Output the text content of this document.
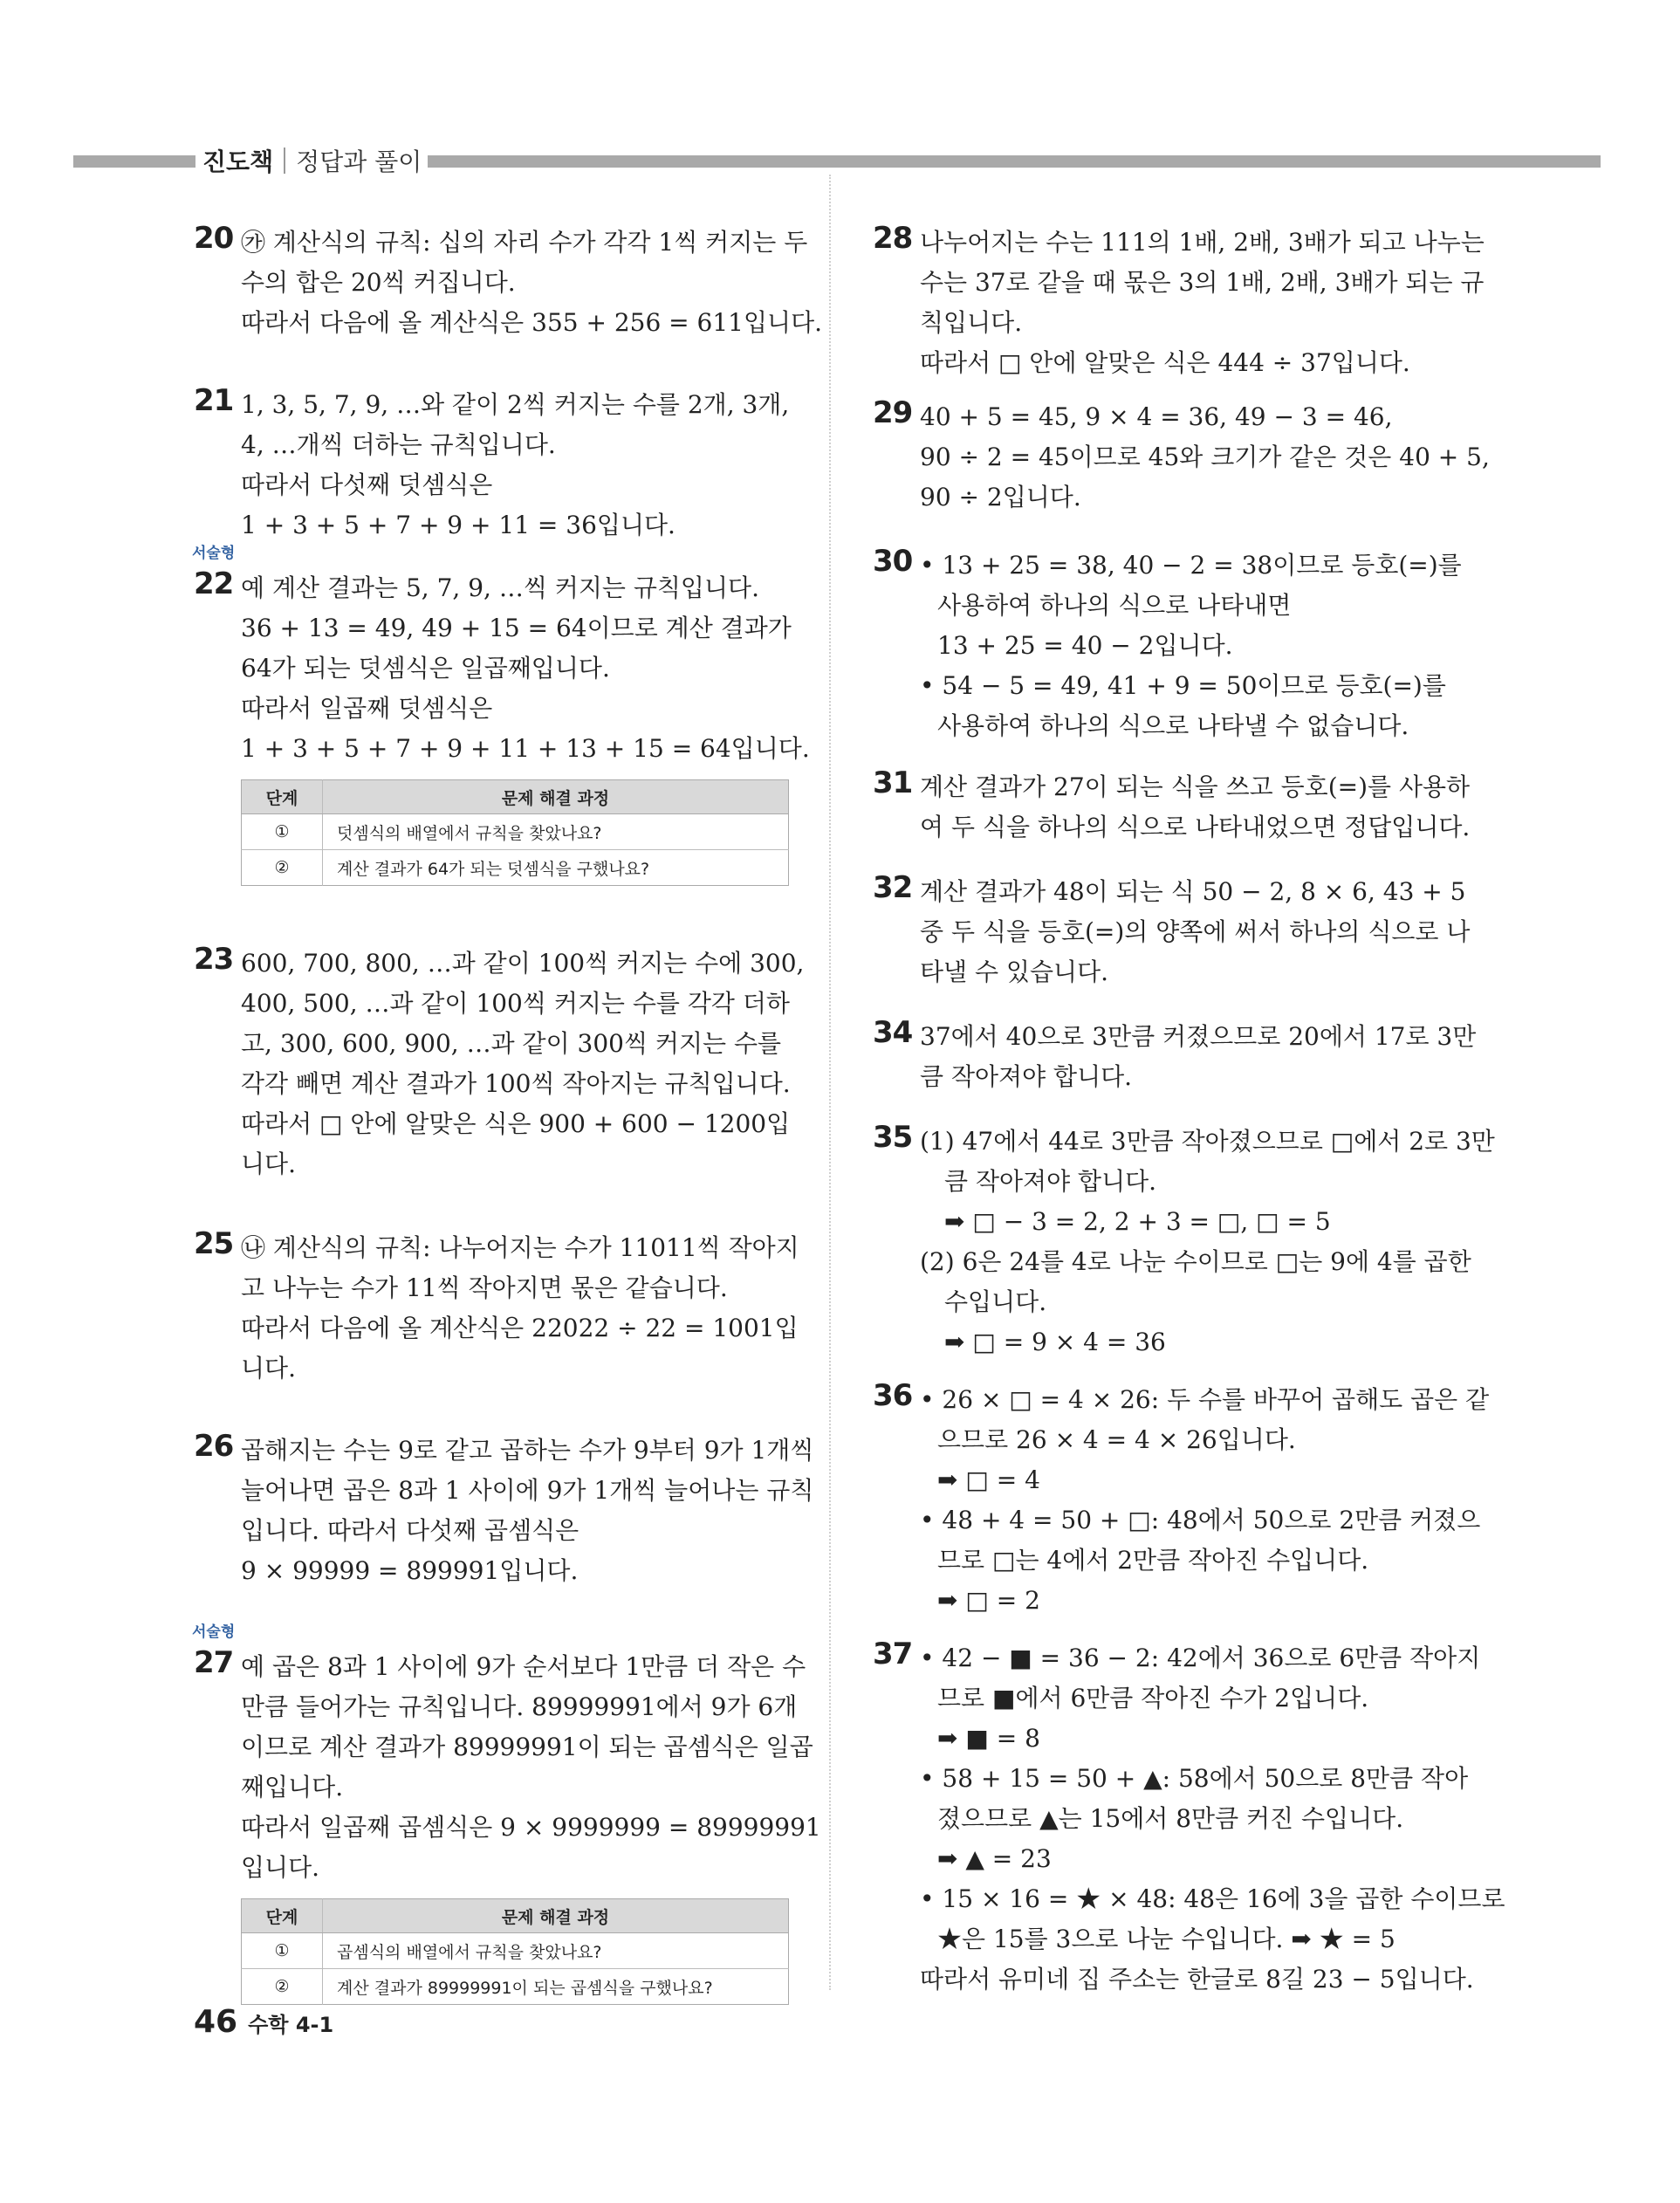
진도책 정답과 풀이
20 ㉮ 계산식의 규칙: 십의 자리 수가 각각 1씩 커지는 두
수의 합은 20씩 커집니다.
따라서 다음에 올 계산식은 355 + 256 = 611입니다.
21 1, 3, 5, 7, 9, …와 같이 2씩 커지는 수를 2개, 3개,
4, …개씩 더하는 규칙입니다.
따라서 다섯째 덧셈식은
1 + 3 + 5 + 7 + 9 + 11 = 36입니다.
서술형
22 예 계산 결과는 5, 7, 9, …씩 커지는 규칙입니다.
36 + 13 = 49, 49 + 15 = 64이므로 계산 결과가
64가 되는 덧셈식은 일곱째입니다.
따라서 일곱째 덧셈식은
1 + 3 + 5 + 7 + 9 + 11 + 13 + 15 = 64입니다.
단계	문제 해결 과정
①	덧셈식의 배열에서 규칙을 찾았나요?
②	계산 결과가 64가 되는 덧셈식을 구했나요?
23 600, 700, 800, …과 같이 100씩 커지는 수에 300,
400, 500, …과 같이 100씩 커지는 수를 각각 더하
고, 300, 600, 900, …과 같이 300씩 커지는 수를
각각 빼면 계산 결과가 100씩 작아지는 규칙입니다.
따라서 □ 안에 알맞은 식은 900 + 600 − 1200입
니다.
25 ㉯ 계산식의 규칙: 나누어지는 수가 11011씩 작아지
고 나누는 수가 11씩 작아지면 몫은 같습니다.
따라서 다음에 올 계산식은 22022 ÷ 22 = 1001입
니다.
26 곱해지는 수는 9로 같고 곱하는 수가 9부터 9가 1개씩
늘어나면 곱은 8과 1 사이에 9가 1개씩 늘어나는 규칙
입니다. 따라서 다섯째 곱셈식은
9 × 99999 = 899991입니다.
서술형
27 예 곱은 8과 1 사이에 9가 순서보다 1만큼 더 작은 수
만큼 들어가는 규칙입니다. 89999991에서 9가 6개
이므로 계산 결과가 89999991이 되는 곱셈식은 일곱
째입니다.
따라서 일곱째 곱셈식은 9 × 9999999 = 89999991
입니다.
단계	문제 해결 과정
①	곱셈식의 배열에서 규칙을 찾았나요?
②	계산 결과가 89999991이 되는 곱셈식을 구했나요?
28 나누어지는 수는 111의 1배, 2배, 3배가 되고 나누는
수는 37로 같을 때 몫은 3의 1배, 2배, 3배가 되는 규
칙입니다.
따라서 □ 안에 알맞은 식은 444 ÷ 37입니다.
29 40 + 5 = 45, 9 × 4 = 36, 49 − 3 = 46,
90 ÷ 2 = 45이므로 45와 크기가 같은 것은 40 + 5,
90 ÷ 2입니다.
30 • 13 + 25 = 38, 40 − 2 = 38이므로 등호(=)를
사용하여 하나의 식으로 나타내면
13 + 25 = 40 − 2입니다.
• 54 − 5 = 49, 41 + 9 = 50이므로 등호(=)를
사용하여 하나의 식으로 나타낼 수 없습니다.
31 계산 결과가 27이 되는 식을 쓰고 등호(=)를 사용하
여 두 식을 하나의 식으로 나타내었으면 정답입니다.
32 계산 결과가 48이 되는 식 50 − 2, 8 × 6, 43 + 5
중 두 식을 등호(=)의 양쪽에 써서 하나의 식으로 나
타낼 수 있습니다.
34 37에서 40으로 3만큼 커졌으므로 20에서 17로 3만
큼 작아져야 합니다.
35 (1) 47에서 44로 3만큼 작아졌으므로 □에서 2로 3만
큼 작아져야 합니다.
➡ □ − 3 = 2, 2 + 3 = □, □ = 5
(2) 6은 24를 4로 나눈 수이므로 □는 9에 4를 곱한
수입니다.
➡ □ = 9 × 4 = 36
36 • 26 × □ = 4 × 26: 두 수를 바꾸어 곱해도 곱은 같
으므로 26 × 4 = 4 × 26입니다.
➡ □ = 4
• 48 + 4 = 50 + □: 48에서 50으로 2만큼 커졌으
므로 □는 4에서 2만큼 작아진 수입니다.
➡ □ = 2
37 • 42 − ■ = 36 − 2: 42에서 36으로 6만큼 작아지
므로 ■에서 6만큼 작아진 수가 2입니다.
➡ ■ = 8
• 58 + 15 = 50 + ▲: 58에서 50으로 8만큼 작아
졌으므로 ▲는 15에서 8만큼 커진 수입니다.
➡ ▲ = 23
• 15 × 16 = ★ × 48: 48은 16에 3을 곱한 수이므로
★은 15를 3으로 나눈 수입니다. ➡ ★ = 5
따라서 유미네 집 주소는 한글로 8길 23 − 5입니다.
46 수학 4-1
